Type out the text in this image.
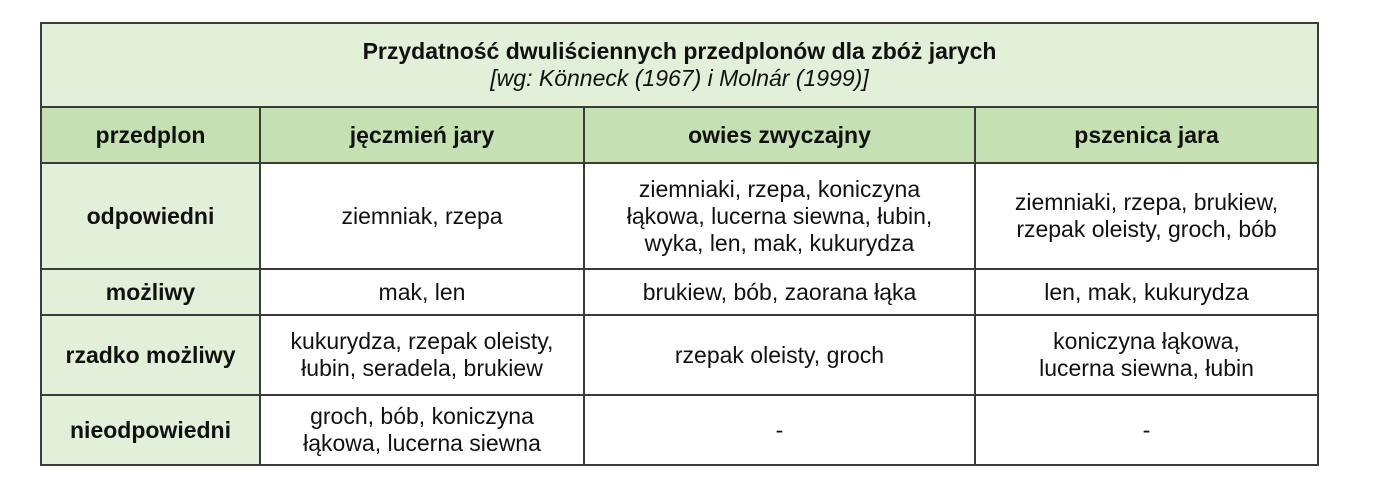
Przydatność dwuliściennych przedplonów dla zbóż jarych
[wg: Könneck (1967) i Molnár (1999)]			

przedplon	jęczmień jary	owies zwyczajny	pszenica jara
odpowiedni	ziemniak, rzepa	ziemniaki, rzepa, koniczyna
łąkowa, lucerna siewna, łubin,
wyka, len, mak, kukurydza	ziemniaki, rzepa, brukiew,
rzepak oleisty, groch, bób
możliwy	mak, len	brukiew, bób, zaorana łąka	len, mak, kukurydza
rzadko możliwy	kukurydza, rzepak oleisty,
łubin, seradela, brukiew	rzepak oleisty, groch	koniczyna łąkowa,
lucerna siewna, łubin
nieodpowiedni	groch, bób, koniczyna
łąkowa, lucerna siewna	-	-
